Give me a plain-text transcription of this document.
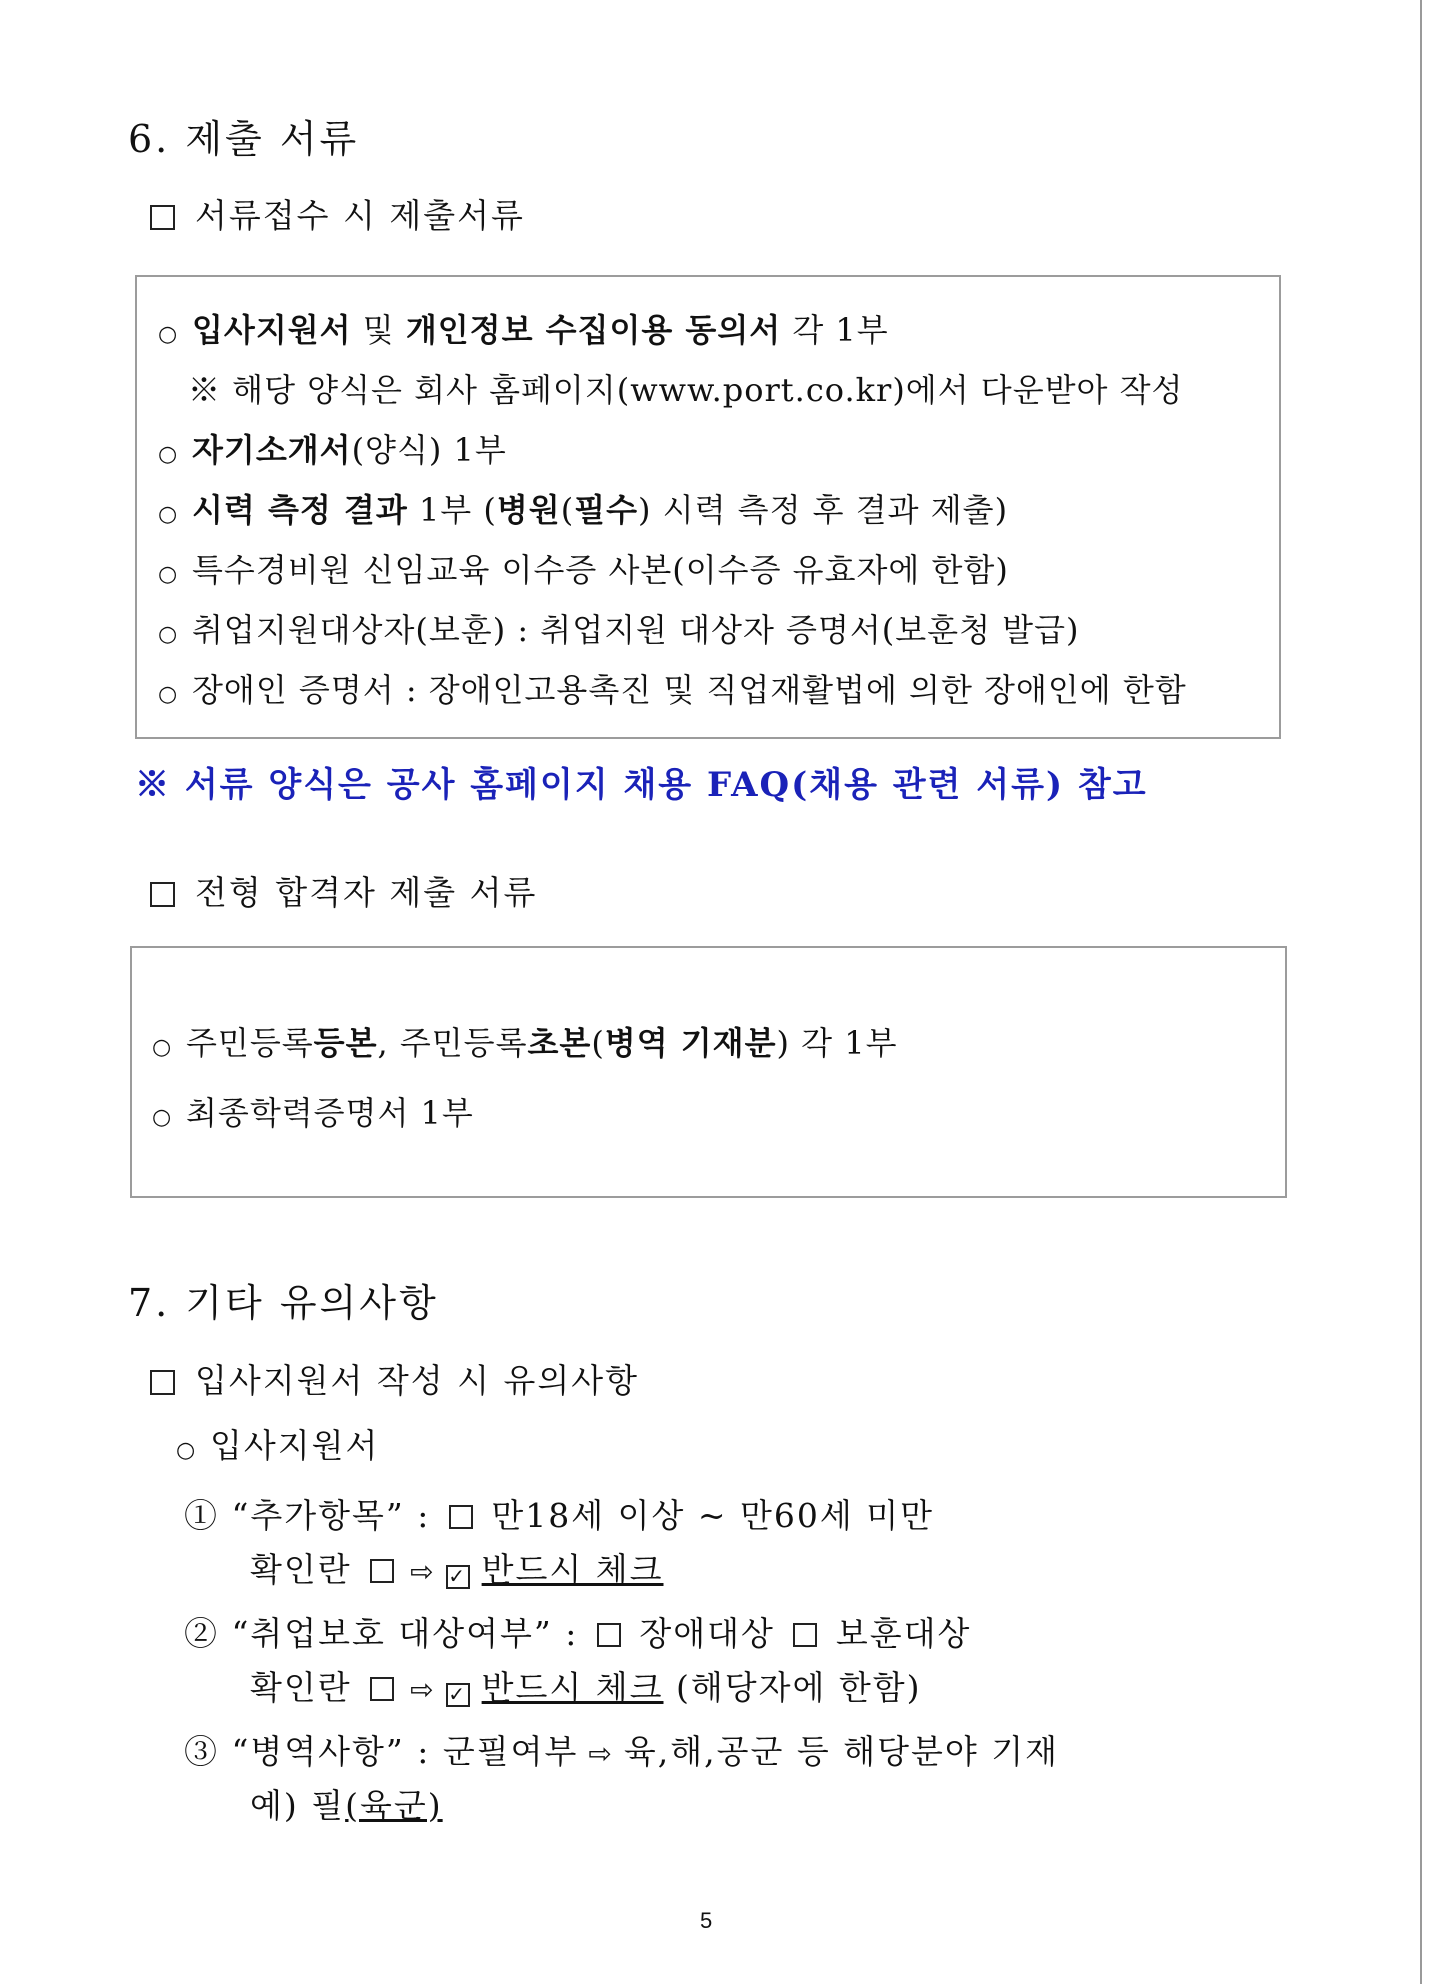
6. 제출 서류
서류접수 시 제출서류
○ 입사지원서 및 개인정보 수집이용 동의서 각 1부
※ 해당 양식은 회사 홈페이지(www.port.co.kr)에서 다운받아 작성
○ 자기소개서(양식) 1부
○ 시력 측정 결과 1부 (병원(필수) 시력 측정 후 결과 제출)
○ 특수경비원 신임교육 이수증 사본(이수증 유효자에 한함)
○ 취업지원대상자(보훈) : 취업지원 대상자 증명서(보훈청 발급)
○ 장애인 증명서 : 장애인고용촉진 및 직업재활법에 의한 장애인에 한함
※ 서류 양식은 공사 홈페이지 채용 FAQ(채용 관련 서류) 참고
전형 합격자 제출 서류
○ 주민등록등본, 주민등록초본(병역 기재분) 각 1부
○ 최종학력증명서 1부
7. 기타 유의사항
입사지원서 작성 시 유의사항
○ 입사지원서
① “추가항목” : 만18세 이상 ~ 만60세 미만
확인란 ⇨ ✓ 반드시 체크
② “취업보호 대상여부” : 장애대상 보훈대상
확인란 ⇨ ✓ 반드시 체크 (해당자에 한함)
③ “병역사항” : 군필여부 ⇨ 육,해,공군 등 해당분야 기재
예) 필(육군)
5
